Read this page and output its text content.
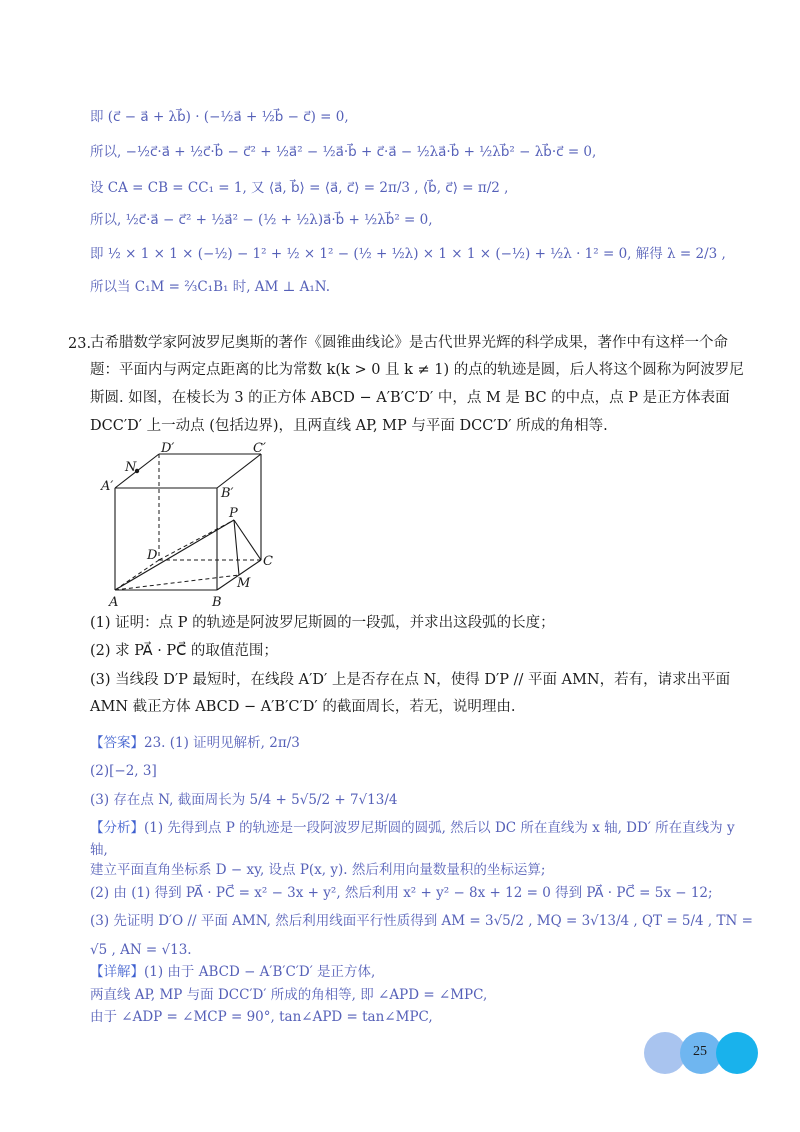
即 (c⃗ − a⃗ + λb⃗) · (−½a⃗ + ½b⃗ − c⃗) = 0,
所以, −½c⃗·a⃗ + ½c⃗·b⃗ − c⃗² + ½a⃗² − ½a⃗·b⃗ + c⃗·a⃗ − ½λa⃗·b⃗ + ½λb⃗² − λb⃗·c⃗ = 0,
设 CA = CB = CC₁ = 1, 又 ⟨a⃗, b⃗⟩ = ⟨a⃗, c⃗⟩ = 2π/3 , ⟨b⃗, c⃗⟩ = π/2 ,
所以, ½c⃗·a⃗ − c⃗² + ½a⃗² − (½ + ½λ)a⃗·b⃗ + ½λb⃗² = 0,
即 ½ × 1 × 1 × (−½) − 1² + ½ × 1² − (½ + ½λ) × 1 × 1 × (−½) + ½λ · 1² = 0, 解得 λ = 2/3 ,
所以当 C₁M = ⅔C₁B₁ 时, AM ⊥ A₁N.
23.
古希腊数学家阿波罗尼奥斯的著作《圆锥曲线论》是古代世界光辉的科学成果，著作中有这样一个命
题：平面内与两定点距离的比为常数 k(k > 0 且 k ≠ 1) 的点的轨迹是圆，后人将这个圆称为阿波罗尼
斯圆. 如图，在棱长为 3 的正方体 ABCD − A′B′C′D′ 中，点 M 是 BC 的中点，点 P 是正方体表面
DCC′D′ 上一动点 (包括边界)，且两直线 AP, MP 与平面 DCC′D′ 所成的角相等.
D′	C′
N
A′	B′
P
D	C
M
A	B
(1) 证明：点 P 的轨迹是阿波罗尼斯圆的一段弧，并求出这段弧的长度；
(2) 求 PA⃗ · PC⃗ 的取值范围；
(3) 当线段 D′P 最短时，在线段 A′D′ 上是否存在点 N，使得 D′P // 平面 AMN，若有，请求出平面
AMN 截正方体 ABCD − A′B′C′D′ 的截面周长，若无，说明理由.
【答案】23. (1) 证明见解析, 2π/3
(2)[−2, 3]
(3) 存在点 N, 截面周长为 5/4 + 5√5/2 + 7√13/4
【分析】(1) 先得到点 P 的轨迹是一段阿波罗尼斯圆的圆弧, 然后以 DC 所在直线为 x 轴, DD′ 所在直线为 y
轴,
建立平面直角坐标系 D − xy, 设点 P(x, y). 然后利用向量数量积的坐标运算;
(2) 由 (1) 得到 PA⃗ · PC⃗ = x² − 3x + y², 然后利用 x² + y² − 8x + 12 = 0 得到 PA⃗ · PC⃗ = 5x − 12;
(3) 先证明 D′O // 平面 AMN, 然后利用线面平行性质得到 AM = 3√5/2 , MQ = 3√13/4 , QT = 5/4 , TN =
√5 , AN = √13.
【详解】(1) 由于 ABCD − A′B′C′D′ 是正方体,
两直线 AP, MP 与面 DCC′D′ 所成的角相等, 即 ∠APD = ∠MPC,
由于 ∠ADP = ∠MCP = 90°, tan∠APD = tan∠MPC,
25
